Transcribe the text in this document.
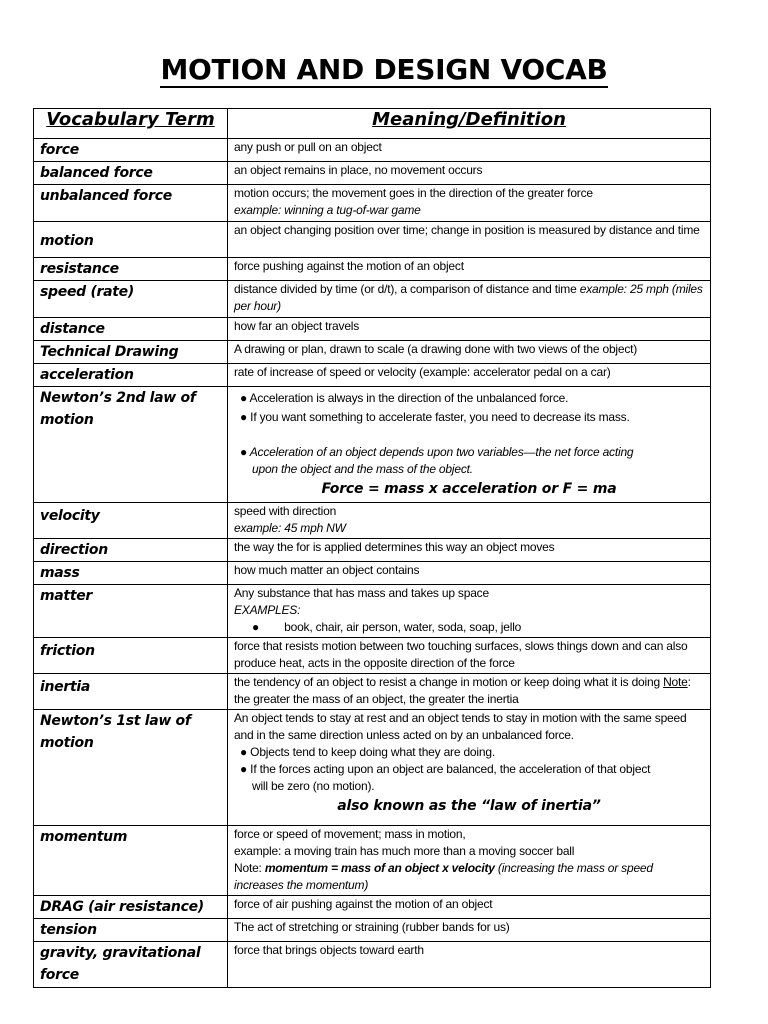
MOTION AND DESIGN VOCAB
Vocabulary Term	Meaning/Definition
force	any push or pull on an object
balanced force	an object remains in place, no movement occurs
unbalanced force	motion occurs; the movement goes in the direction of the greater force
example: winning a tug-of-war game

motion	an object changing position over time; change in position is measured by distance and time
resistance	force pushing against the motion of an object
speed (rate)	distance divided by time (or d/t), a comparison of distance and time example: 25 mph (miles per hour)
distance	how far an object travels
Technical Drawing	A drawing or plan, drawn to scale (a drawing done with two views of the object)
acceleration	rate of increase of speed or velocity (example: accelerator pedal on a car)
Newton’s 2nd law of motion	● Acceleration is always in the direction of the unbalanced force.
● If you want something to accelerate faster, you need to decrease its mass.
● Acceleration of an object depends upon two variables—the net force acting
upon the object and the mass of the object.
Force = mass x acceleration or F = ma

velocity	speed with direction
example: 45 mph NW

direction	the way the for is applied determines this way an object moves
mass	how much matter an object contains
matter	Any substance that has mass and takes up space
EXAMPLES:
●        book, chair, air person, water, soda, soap, jello

friction	force that resists motion between two touching surfaces, slows things down and can also produce heat, acts in the opposite direction of the force
inertia	the tendency of an object to resist a change in motion or keep doing what it is doing Note: the greater the mass of an object, the greater the inertia
Newton’s 1st law of motion	An object tends to stay at rest and an object tends to stay in motion with the same speed and in the same direction unless acted on by an unbalanced force.
● Objects tend to keep doing what they are doing.
● If the forces acting upon an object are balanced, the acceleration of that object
will be zero (no motion).
also known as the “law of inertia”

momentum	force or speed of movement; mass in motion,
example: a moving train has much more than a moving soccer ball
Note: momentum = mass of an object x velocity (increasing the mass or speed increases the momentum)

DRAG (air resistance)	force of air pushing against the motion of an object
tension	The act of stretching or straining (rubber bands for us)
gravity, gravitational force	force that brings objects toward earth
